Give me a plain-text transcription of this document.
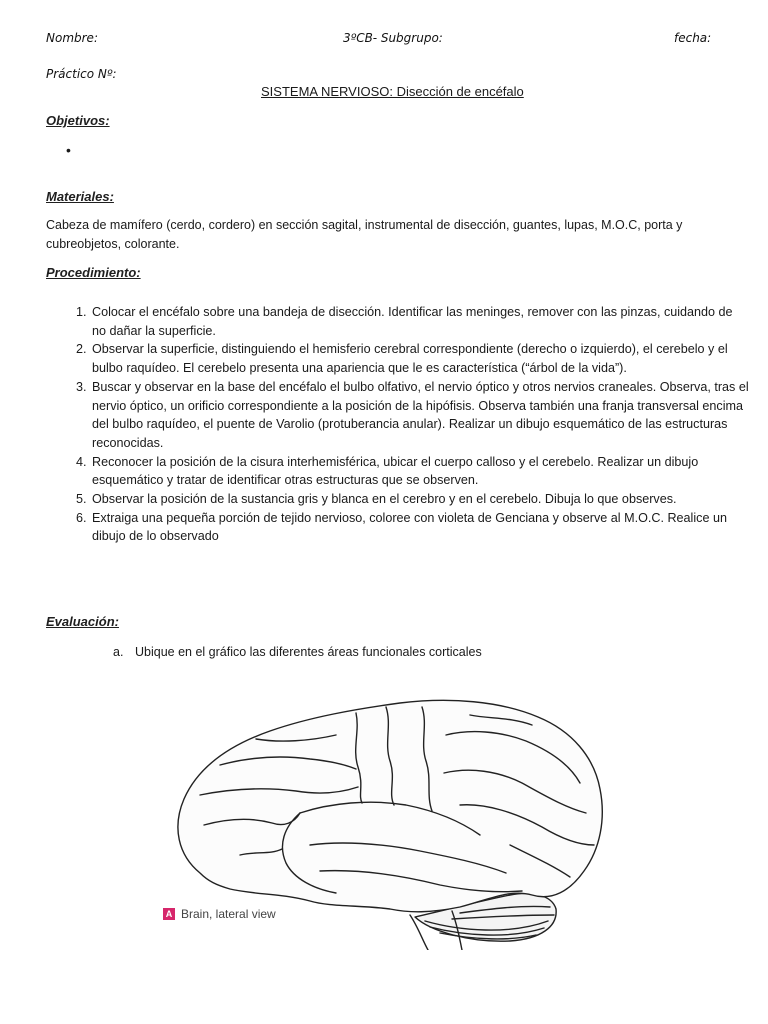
Nombre:	3ºCB- Subgrupo:	fecha:
Práctico Nº:
SISTEMA NERVIOSO: Disección de encéfalo
Objetivos:
•
Materiales:
Cabeza de mamífero (cerdo, cordero) en sección sagital, instrumental de disección, guantes, lupas, M.O.C, porta y
cubreobjetos, colorante.
Procedimiento:
1. Colocar el encéfalo sobre una bandeja de disección. Identificar las meninges, remover con las pinzas, cuidando de no dañar la superficie.
2. Observar la superficie, distinguiendo el hemisferio cerebral correspondiente (derecho o izquierdo), el cerebelo y el bulbo raquídeo. El cerebelo presenta una apariencia que le es característica (“árbol de la vida”).
3. Buscar y observar en la base del encéfalo el bulbo olfativo, el nervio óptico y otros nervios craneales. Observa, tras el nervio óptico, un orificio correspondiente a la posición de la hipófisis. Observa también una franja transversal encima del bulbo raquídeo, el puente de Varolio (protuberancia anular). Realizar un dibujo esquemático de las estructuras reconocidas.
4. Reconocer la posición de la cisura interhemisférica, ubicar el cuerpo calloso y el cerebelo. Realizar un dibujo esquemático y tratar de identificar otras estructuras que se observen.
5. Observar la posición de la sustancia gris y blanca en el cerebro y en el cerebelo. Dibuja lo que observes.
6. Extraiga una pequeña porción de tejido nervioso, coloree con violeta de Genciana y observe al M.O.C. Realice un dibujo de lo observado
Evaluación:
a. Ubique en el gráfico las diferentes áreas funcionales corticales
A Brain, lateral view
